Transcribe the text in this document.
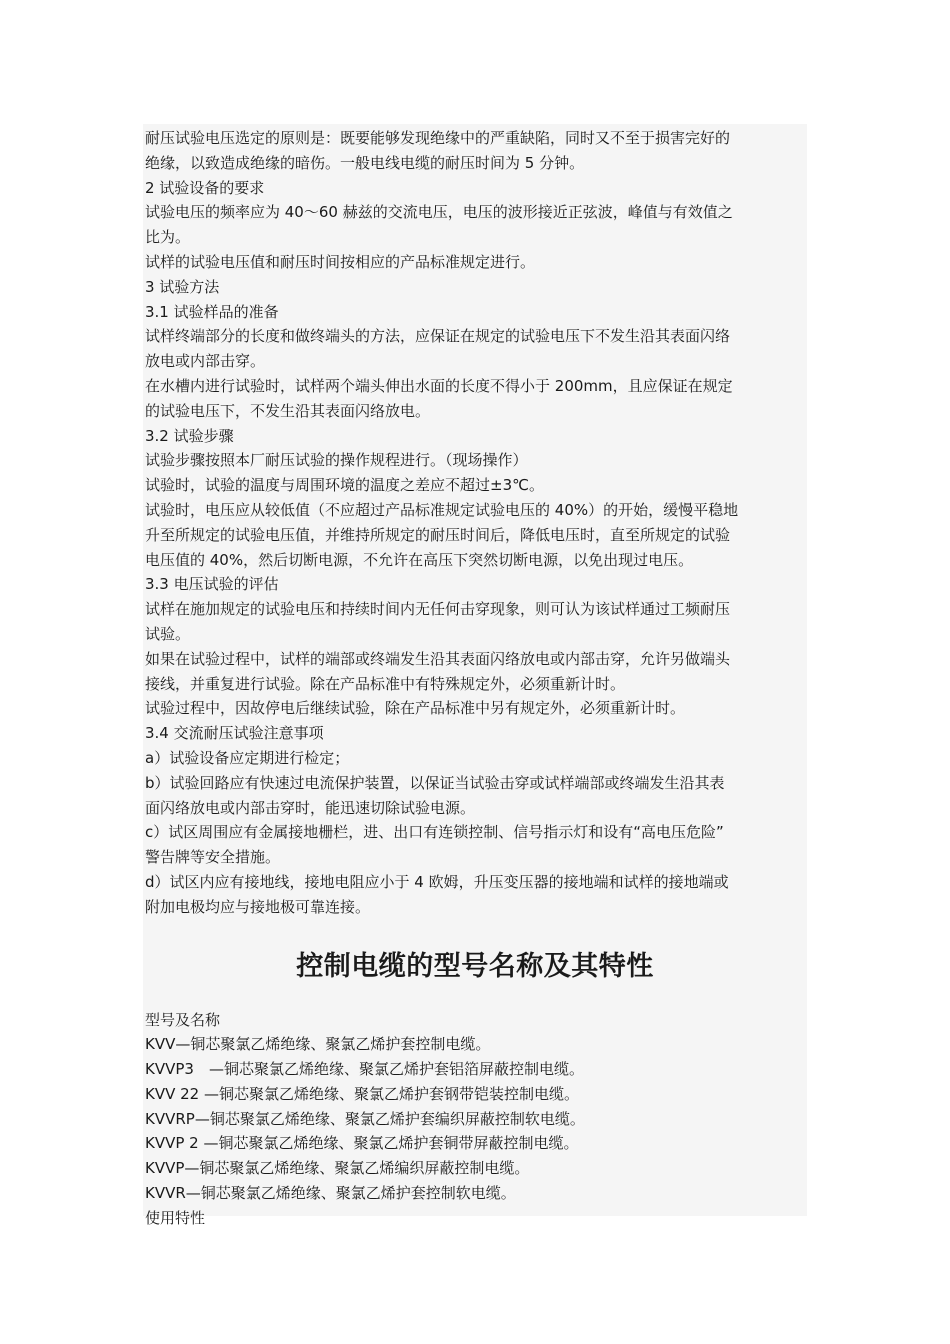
耐压试验电压选定的原则是：既要能够发现绝缘中的严重缺陷，同时又不至于损害完好的

绝缘，以致造成绝缘的暗伤。一般电线电缆的耐压时间为 5 分钟。

2 试验设备的要求

试验电压的频率应为 40～60 赫兹的交流电压，电压的波形接近正弦波，峰值与有效值之

比为。

试样的试验电压值和耐压时间按相应的产品标准规定进行。

3 试验方法

3.1 试验样品的准备

试样终端部分的长度和做终端头的方法，应保证在规定的试验电压下不发生沿其表面闪络

放电或内部击穿。

在水槽内进行试验时，试样两个端头伸出水面的长度不得小于 200mm，且应保证在规定

的试验电压下，不发生沿其表面闪络放电。

3.2 试验步骤

试验步骤按照本厂耐压试验的操作规程进行。（现场操作）

试验时，试验的温度与周围环境的温度之差应不超过±3℃。

试验时，电压应从较低值（不应超过产品标准规定试验电压的 40%）的开始，缓慢平稳地

升至所规定的试验电压值，并维持所规定的耐压时间后，降低电压时，直至所规定的试验

电压值的 40%，然后切断电源，不允许在高压下突然切断电源，以免出现过电压。

3.3 电压试验的评估

试样在施加规定的试验电压和持续时间内无任何击穿现象，则可认为该试样通过工频耐压

试验。

如果在试验过程中，试样的端部或终端发生沿其表面闪络放电或内部击穿，允许另做端头

接线，并重复进行试验。除在产品标准中有特殊规定外，必须重新计时。

试验过程中，因故停电后继续试验，除在产品标准中另有规定外，必须重新计时。

3.4 交流耐压试验注意事项

a）试验设备应定期进行检定；

b）试验回路应有快速过电流保护装置，以保证当试验击穿或试样端部或终端发生沿其表

面闪络放电或内部击穿时，能迅速切除试验电源。

c）试区周围应有金属接地栅栏，进、出口有连锁控制、信号指示灯和设有“高电压危险”

警告牌等安全措施。

d）试区内应有接地线，接地电阻应小于 4 欧姆，升压变压器的接地端和试样的接地端或

附加电极均应与接地极可靠连接。

控制电缆的型号名称及其特性

型号及名称

KVV—铜芯聚氯乙烯绝缘、聚氯乙烯护套控制电缆。

KVVP3　—铜芯聚氯乙烯绝缘、聚氯乙烯护套铝箔屏蔽控制电缆。

KVV 22 —铜芯聚氯乙烯绝缘、聚氯乙烯护套钢带铠装控制电缆。

KVVRP—铜芯聚氯乙烯绝缘、聚氯乙烯护套编织屏蔽控制软电缆。

KVVP 2 —铜芯聚氯乙烯绝缘、聚氯乙烯护套铜带屏蔽控制电缆。

KVVP—铜芯聚氯乙烯绝缘、聚氯乙烯编织屏蔽控制电缆。

KVVR—铜芯聚氯乙烯绝缘、聚氯乙烯护套控制软电缆。

使用特性
